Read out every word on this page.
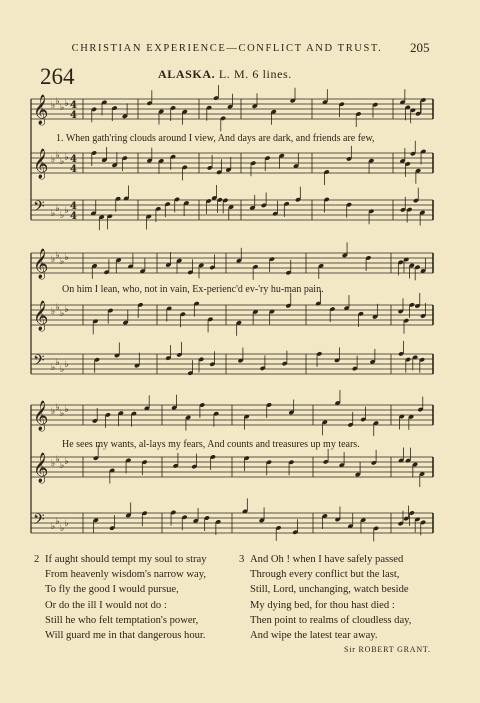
CHRISTIAN EXPERIENCE—CONFLICT AND TRUST.	205
264	ALASKA. L. M. 6 lines.
𝄞 ♭ ♭
♭ ♭ 4
4
𝄞 ♭ ♭
♭ ♭ 4
4
𝄢 ♭ ♭
♭ ♭ 4
4
𝄞 ♭ ♭
♭ ♭
𝄞 ♭ ♭
♭ ♭
𝄢 ♭ ♭
♭ ♭
𝄞 ♭ ♭
♭ ♭
𝄞 ♭ ♭
♭ ♭
𝄢 ♭ ♭
♭ ♭
1. When gath'ring clouds around I view, And days are dark, and friends are few,
On him I lean, who, not in vain, Ex-perienc'd ev-'ry hu-man pain.
He sees my wants, al-lays my fears, And counts and treasures up my tears.
2 If aught should tempt my soul to stray
From heavenly wisdom's narrow way,
To fly the good I would pursue,
Or do the ill I would not do :
Still he who felt temptation's power,
Will guard me in that dangerous hour.
3 And Oh ! when I have safely passed
Through every conflict but the last,
Still, Lord, unchanging, watch beside
My dying bed, for thou hast died :
Then point to realms of cloudless day,
And wipe the latest tear away.
Sir ROBERT GRANT.
